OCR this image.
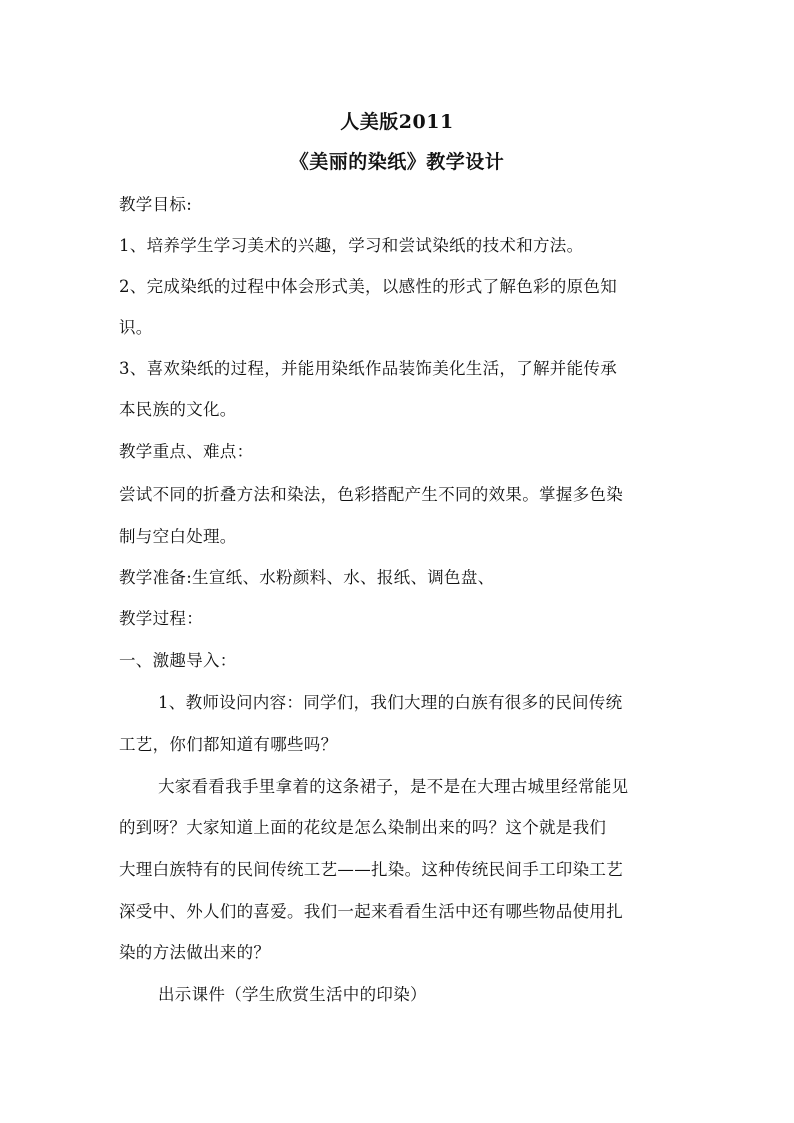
人美版2011
《美丽的染纸》教学设计
教学目标:
1、培养学生学习美术的兴趣，学习和尝试染纸的技术和方法。
2、完成染纸的过程中体会形式美，以感性的形式了解色彩的原色知
识。
3、喜欢染纸的过程，并能用染纸作品装饰美化生活，了解并能传承
本民族的文化。
教学重点、难点：
尝试不同的折叠方法和染法，色彩搭配产生不同的效果。掌握多色染
制与空白处理。
教学准备:生宣纸、水粉颜料、水、报纸、调色盘、
教学过程：
一、激趣导入：
1、教师设问内容：同学们，我们大理的白族有很多的民间传统
工艺，你们都知道有哪些吗？
大家看看我手里拿着的这条裙子，是不是在大理古城里经常能见
的到呀？大家知道上面的花纹是怎么染制出来的吗？这个就是我们
大理白族特有的民间传统工艺——扎染。这种传统民间手工印染工艺
深受中、外人们的喜爱。我们一起来看看生活中还有哪些物品使用扎
染的方法做出来的？
出示课件（学生欣赏生活中的印染）
